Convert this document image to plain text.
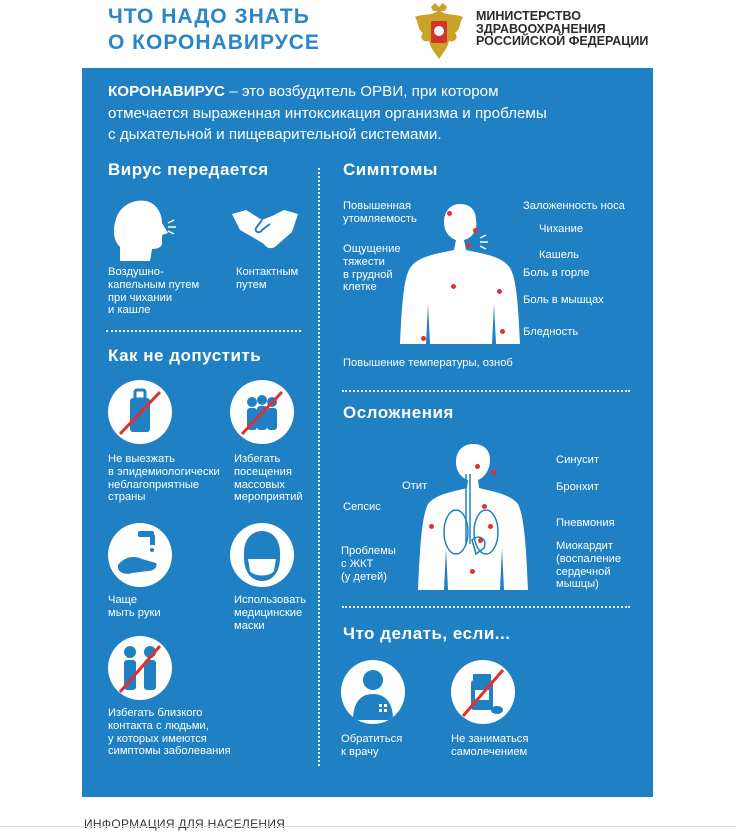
ЧТО НАДО ЗНАТЬ
О КОРОНАВИРУСЕ
МИНИСТЕРСТВО
ЗДРАВООХРАНЕНИЯ
РОССИЙСКОЙ ФЕДЕРАЦИИ
КОРОНАВИРУС – это возбудитель ОРВИ, при котором
отмечается выраженная интоксикация организма и проблемы
с дыхательной и пищеварительной системами.
Вирус передается
Воздушно-
капельным путем
при чихании
и кашле
Контактным
путем
Как не допустить
Не выезжать
в эпидемиологически
неблагоприятные
страны
Избегать
посещения
массовых
мероприятий
Чаще
мыть руки
Использовать
медицинские
маски
Избегать близкого
контакта с людьми,
у которых имеются
симптомы заболевания
Симптомы
Повышенная
утомляемость
Ощущение
тяжести
в грудной
клетке
Заложенность носа
Чихание
Кашель
Боль в горле
Боль в мышцах
Бледность
Повышение температуры, озноб
Осложнения
Отит
Синусит
Бронхит
Сепсис
Пневмония
Проблемы
с ЖКТ
(у детей)
Миокардит
(воспаление
сердечной
мышцы)
Что делать, если...
Обратиться
к врачу
Не заниматься
самолечением
ИНФОРМАЦИЯ ДЛЯ НАСЕЛЕНИЯ
